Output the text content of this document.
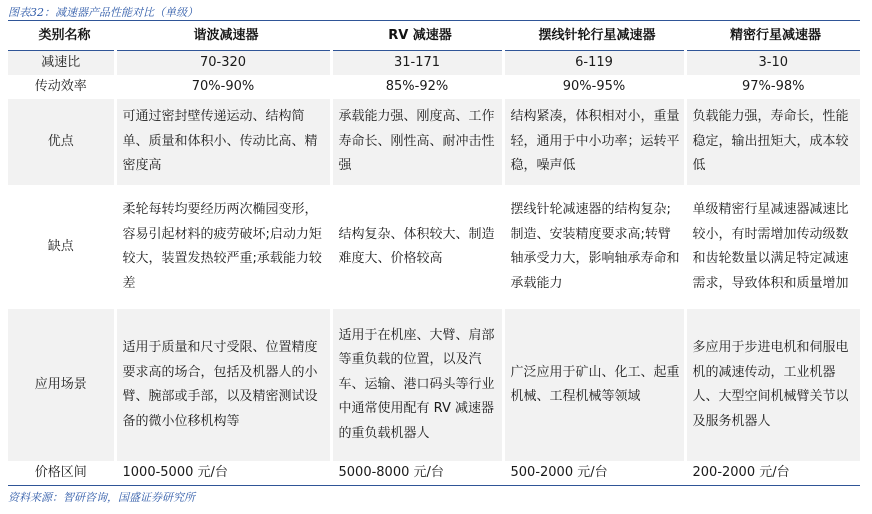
图表32：减速器产品性能对比（单级）
类别名称	谐波减速器	RV 减速器	摆线针轮行星减速器	精密行星减速器
减速比	70-320	31-171	6-119	3-10
传动效率	70%-90%	85%-92%	90%-95%	97%-98%
优点	可通过密封壁传递运动、结构简单、质量和体积小、传动比高、精密度高	承载能力强、刚度高、工作寿命长、刚性高、耐冲击性强	结构紧凑，体积相对小，重量轻，通用于中小功率；运转平稳，噪声低	负载能力强，寿命长，性能稳定，输出扭矩大，成本较低
缺点	柔轮每转均要经历两次椭园变形，容易引起材料的疲劳破坏;启动力矩较大，装置发热较严重;承载能力较差	结构复杂、体积较大、制造难度大、价格较高	摆线针轮减速器的结构复杂;制造、安装精度要求高;转臂轴承受力大，影响轴承寿命和承载能力	单级精密行星减速器减速比较小，有时需增加传动级数和齿轮数量以满足特定减速需求，导致体积和质量增加
应用场景	适用于质量和尺寸受限、位置精度要求高的场合，包括及机器人的小臂、腕部或手部，以及精密测试设备的微小位移机构等	适用于在机座、大臂、肩部等重负载的位置，以及汽车、运输、港口码头等行业中通常使用配有 RV 减速器的重负载机器人	广泛应用于矿山、化工、起重机械、工程机械等领域	多应用于步进电机和伺服电机的减速传动，工业机器人、大型空间机械臂关节以及服务机器人
价格区间	1000-5000 元/台	5000-8000 元/台	500-2000 元/台	200-2000 元/台
资料来源：智研咨询，国盛证券研究所
